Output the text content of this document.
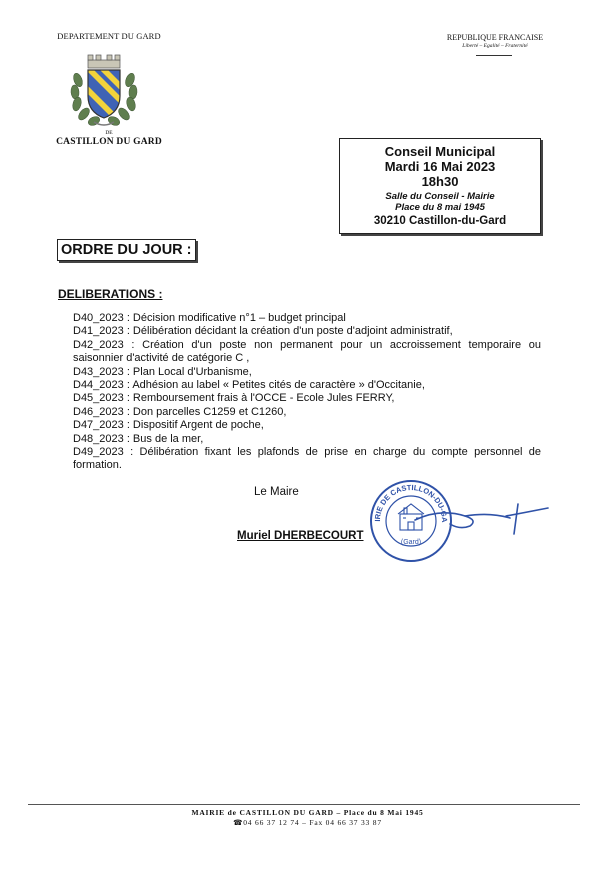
DEPARTEMENT DU GARD
DE
CASTILLON DU GARD
REPUBLIQUE FRANCAISE
Liberté – Egalité – Fraternité
Conseil Municipal
Mardi 16 Mai 2023
18h30
Salle du Conseil - Mairie
Place du 8 mai 1945
30210 Castillon-du-Gard
ORDRE DU JOUR :
DELIBERATIONS :
D40_2023 : Décision modificative n°1 – budget principal
D41_2023 : Délibération décidant la création d'un poste d'adjoint administratif,
D42_2023 : Création d'un poste non permanent pour un accroissement temporaire ou saisonnier d'activité de catégorie C ,
D43_2023 : Plan Local d'Urbanisme,
D44_2023 : Adhésion au label « Petites cités de caractère » d'Occitanie,
D45_2023 : Remboursement frais à l'OCCE - Ecole Jules FERRY,
D46_2023 : Don parcelles C1259 et C1260,
D47_2023 : Dispositif Argent de poche,
D48_2023 : Bus de la mer,
D49_2023 : Délibération fixant les plafonds de prise en charge du compte personnel de formation.
Le Maire
Muriel DHERBECOURT
IRIE DE CASTILLON-DU-GA
(Gard)
MAIRIE de CASTILLON DU GARD – Place du 8 Mai 1945
☎04 66 37 12 74 – Fax 04 66 37 33 87
